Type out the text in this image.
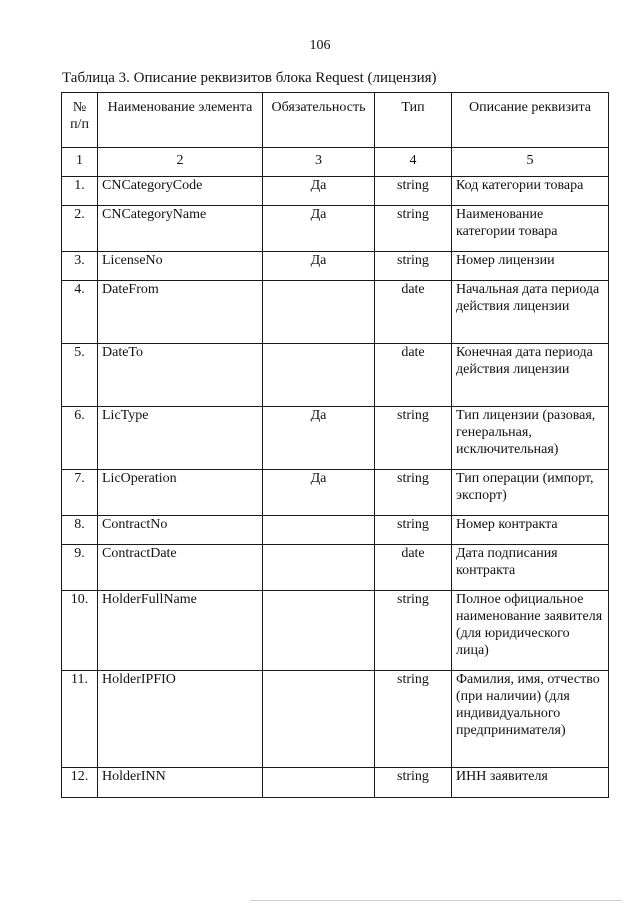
106
Таблица 3. Описание реквизитов блока Request (лицензия)
№ п/п	Наименование элемента	Обязательность	Тип	Описание реквизита
1	2	3	4	5
1.	CNCategoryCode	Да	string	Код категории товара
2.	CNCategoryName	Да	string	Наименование категории товара
3.	LicenseNo	Да	string	Номер лицензии
4.	DateFrom		date	Начальная дата периода действия лицензии
5.	DateTo		date	Конечная дата периода действия лицензии
6.	LicType	Да	string	Тип лицензии (разовая, генеральная, исключительная)
7.	LicOperation	Да	string	Тип операции (импорт, экспорт)
8.	ContractNo		string	Номер контракта
9.	ContractDate		date	Дата подписания контракта
10.	HolderFullName		string	Полное официальное наименование заявителя (для юридического лица)
11.	HolderIPFIO		string	Фамилия, имя, отчество (при наличии) (для индивидуального предпринимателя)
12.	HolderINN		string	ИНН заявителя
